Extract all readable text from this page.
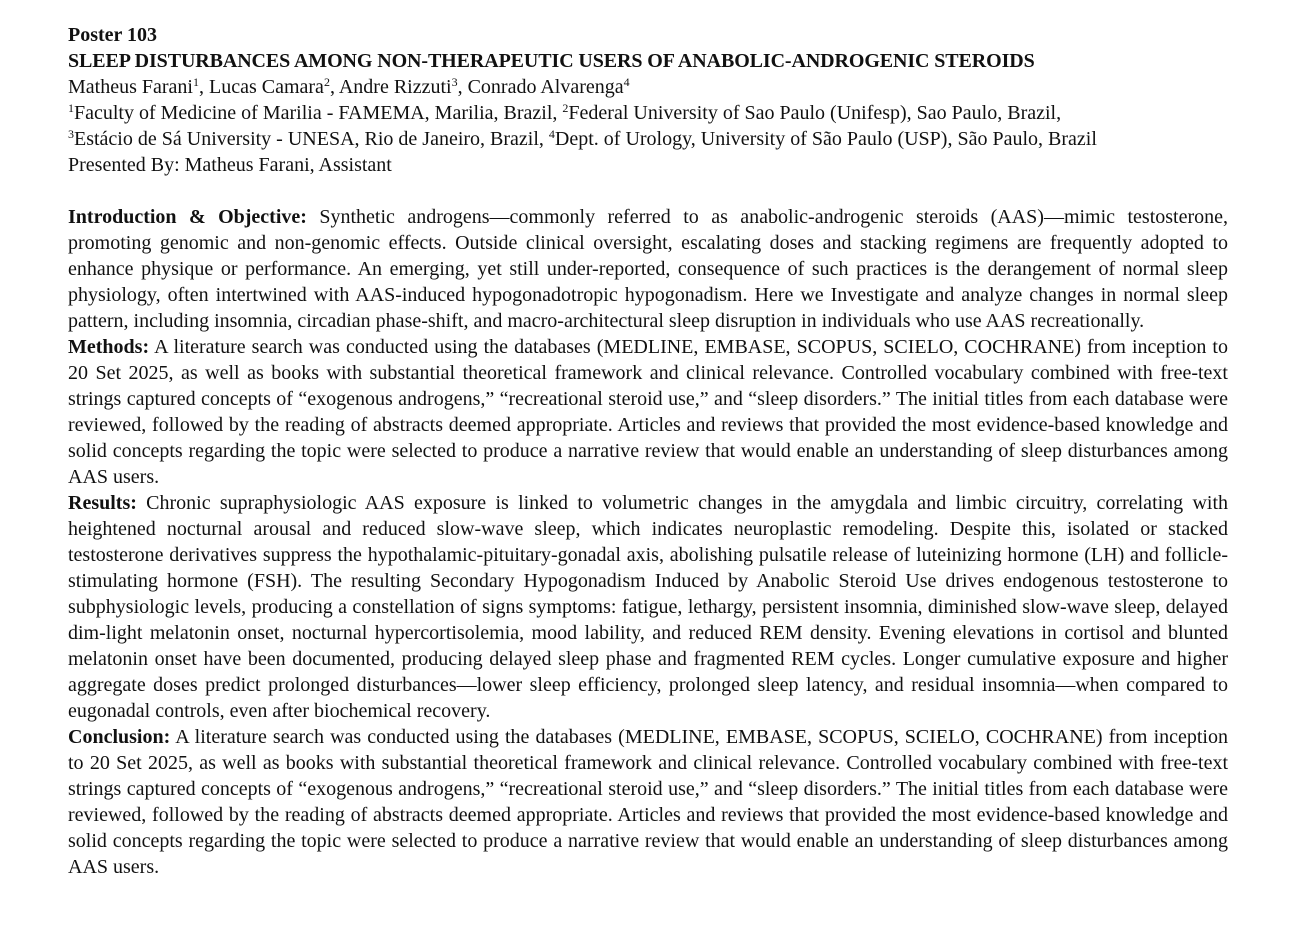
Poster 103
SLEEP DISTURBANCES AMONG NON-THERAPEUTIC USERS OF ANABOLIC-ANDROGENIC STEROIDS
Matheus Farani$^1$, Lucas Camara$^2$, Andre Rizzuti$^3$, Conrado Alvarenga$^4$
$^1$Faculty of Medicine of Marilia - FAMEMA, Marilia, Brazil, $^2$Federal University of Sao Paulo (Unifesp), Sao Paulo, Brazil,
$^3$Estácio de Sá University - UNESA, Rio de Janeiro, Brazil, $^4$Dept. of Urology, University of São Paulo (USP), São Paulo, Brazil
Presented By: Matheus Farani, Assistant

Introduction & Objective: Synthetic androgens—commonly referred to as anabolic-androgenic steroids (AAS)—mimic testosterone, promoting genomic and non-genomic effects. Outside clinical oversight, escalating doses and stacking regimens are frequently adopted to enhance physique or performance. An emerging, yet still under-reported, consequence of such practices is the derangement of normal sleep physiology, often intertwined with AAS-induced hypogonadotropic hypogonadism. Here we Investigate and analyze changes in normal sleep pattern, including insomnia, circadian phase-shift, and macro-architectural sleep disruption in individuals who use AAS recreationally.

Methods: A literature search was conducted using the databases (MEDLINE, EMBASE, SCOPUS, SCIELO, COCHRANE) from inception to 20 Set 2025, as well as books with substantial theoretical framework and clinical relevance. Controlled vocabulary combined with free-text strings captured concepts of “exogenous androgens,” “recreational steroid use,” and “sleep disorders.” The initial titles from each database were reviewed, followed by the reading of abstracts deemed appropriate. Articles and reviews that provided the most evidence-based knowledge and solid concepts regarding the topic were selected to produce a narrative review that would enable an understanding of sleep disturbances among AAS users.

Results: Chronic supraphysiologic AAS exposure is linked to volumetric changes in the amygdala and limbic circuitry, correlating with heightened nocturnal arousal and reduced slow-wave sleep, which indicates neuroplastic remodeling. Despite this, isolated or stacked testosterone derivatives suppress the hypothalamic-pituitary-gonadal axis, abolishing pulsatile release of luteinizing hormone (LH) and follicle-stimulating hormone (FSH). The resulting Secondary Hypogonadism Induced by Anabolic Steroid Use drives endogenous testosterone to subphysiologic levels, producing a constellation of signs symptoms: fatigue, lethargy, persistent insomnia, diminished slow-wave sleep, delayed dim-light melatonin onset, nocturnal hypercortisolemia, mood lability, and reduced REM density. Evening elevations in cortisol and blunted melatonin onset have been documented, producing delayed sleep phase and fragmented REM cycles. Longer cumulative exposure and higher aggregate doses predict prolonged disturbances—lower sleep efficiency, prolonged sleep latency, and residual insomnia—when compared to eugonadal controls, even after biochemical recovery.

Conclusion: A literature search was conducted using the databases (MEDLINE, EMBASE, SCOPUS, SCIELO, COCHRANE) from inception to 20 Set 2025, as well as books with substantial theoretical framework and clinical relevance. Controlled vocabulary combined with free-text strings captured concepts of “exogenous androgens,” “recreational steroid use,” and “sleep disorders.” The initial titles from each database were reviewed, followed by the reading of abstracts deemed appropriate. Articles and reviews that provided the most evidence-based knowledge and solid concepts regarding the topic were selected to produce a narrative review that would enable an understanding of sleep disturbances among AAS users.
